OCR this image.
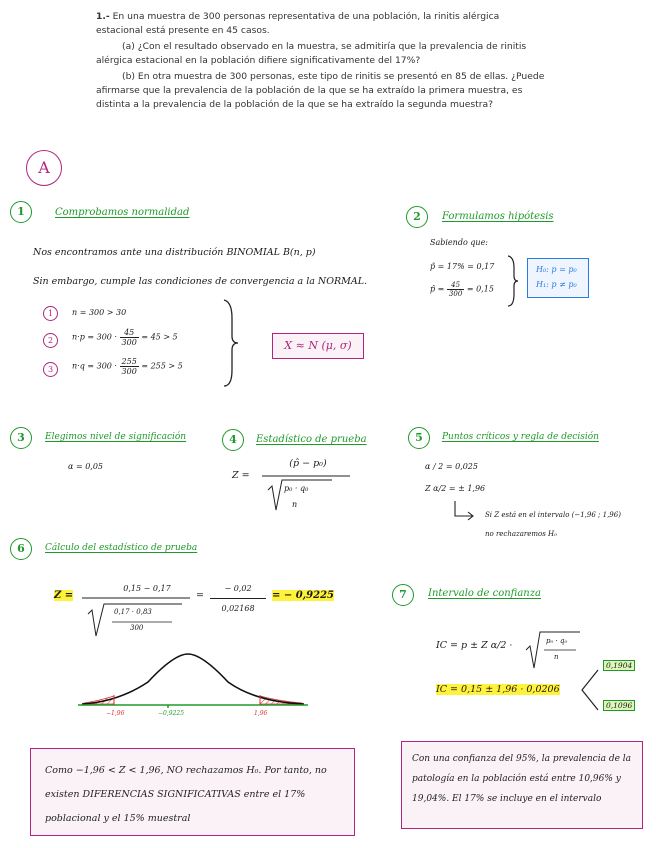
1.- En una muestra de 300 personas representativa de una población, la rinitis alérgica estacional está presente en 45 casos.

(a) ¿Con el resultado observado en la muestra, se admitiría que la prevalencia de rinitis alérgica estacional en la población difiere significativamente del 17%?

(b) En otra muestra de 300 personas, este tipo de rinitis se presentó en 85 de ellas. ¿Puede afirmarse que la prevalencia de la población de la que se ha extraído la primera muestra, es distinta a la prevalencia de la población de la que se ha extraído la segunda muestra?

A
1	Comprobamos normalidad
Nos encontramos ante una distribución BINOMIAL B(n, p)
Sin embargo, cumple las condiciones de convergencia a la NORMAL.
1	n = 300 > 30
2	$n\cdot p = 300 \cdot \frac{45}{300} = 45 > 5$
3	$n\cdot q = 300 \cdot \frac{255}{300} = 255 > 5$
X ≈ N (μ, σ)
2	Formulamos hipótesis
Sabiendo que:
p̂ = 17% = 0,17
p̂ = $\frac{45}{300} = 0,15$
H₀: p = p₀
H₁: p ≠ p₀
3	Elegimos nivel de significación
α = 0,05
4	Estadístico de prueba
Z =
(p̂ − p₀)
p₀ · q₀
n
5	Puntos críticos y regla de decisión
α / 2 = 0,025
Z α/2 = ± 1,96
Si Z está en el intervalo (−1,96 ; 1,96)
no rechazaremos H₀
6	Cálculo del estadístico de prueba
Z =
0,15 − 0,17
0,17 · 0,83
300
=
− 0,02
0,02168
= − 0,9225
−1,96	−0,9225	1,96
7	Intervalo de confianza
IC = p ± Z α/2 ·	p₀ · q₀
n
IC = 0,15 ± 1,96 · 0,0206
0,1904
0,1096
Como −1,96 < Z < 1,96, NO rechazamos H₀. Por tanto, no existen DIFERENCIAS SIGNIFICATIVAS entre el 17% poblacional y el 15% muestral
Con una confianza del 95%, la prevalencia de la patología en la población está entre 10,96% y 19,04%. El 17% se incluye en el intervalo
